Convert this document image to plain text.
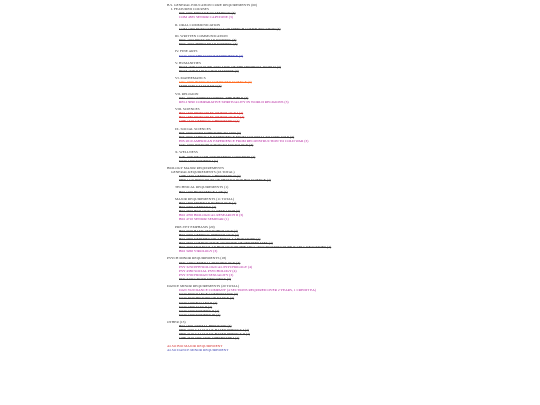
B.S. GENERAL EDUCATION CORE REQUIREMENTS (60)
I. FEATURED COURSES
INT 1005 FIRST YEAR SEMINAR (3)
COM 4835 SENIOR CAPSTONE (3)
II. ORAL COMMUNICATION
COM 1000 FUNDAMENTALS OF SPEECH COMMUNICATION (3)
III. WRITTEN COMMUNICATION
ENG 1010 FIRST YEAR WRITING (3)
ENG 2010 THIRD YEAR WRITING (3)
IV. FINE ARTS
DAN 1050 THE DANCE EXPERIENCE (3)
V. HUMANITIES
HUM 1600 CULTURE AND ARTS OF THE MEDIEVAL WORLD (3)
HUM 1500 EARLY CIVILIZATIONS (3)
VI. MATHEMATICS
CSC 1600 INTRO TO COMPUTER SCIENCE (3)
MTH 1030 CALCULUS I (4)
VII. RELIGION
REL 1000 UNDERSTANDING THE BIBLE (3)
RELI 3090 COMPARATIVE SPIRITUALITY IN WORLD RELIGIONS (3)
VIII. SCIENCES
BIO 1570 PRINCIPLES OF BIOLOGY I (4)
BIO 1580 PRINCIPLES OF BIOLOGY II (4)
CHE 1510 GENERAL CHEMISTRY I (4)
IX. SOCIAL SCIENCES
HIS 1600 WORLD HISTORY TO 1500 (3)
HIS 2000 AMERICAN EXPERIENCE FROM COLONIAL TO CIVIL WAR (3)
HIS 2010 AMERICAN EXPERIENCE FROM RECONSTRUCTION TO COLD WAR (3)
SOC 1000 INTRODUCTION TO SOCIOLOGY (3)
X. WELLNESS
KIN 1000 HEALTH AND FITNESS CONCEPTS (2)
DAN 1400 MODERN I (1)
BIOLOGY MAJOR REQUIREMENTS
GENERAL REQUIREMENTS (16 TOTAL)
CHE 1520 GENERAL CHEMISTRY II (4)
PHY 1110 PRINCIPLES OF PHYSICS FOR BIO SCIENCE (4)
TECHNICAL REQUIREMENTS (1)
BIO 1100 BIOSCIENCE LAB (1)
MAJOR REQUIREMENTS (11 TOTAL)
BIO 1500 SEMINAR IN BIOLOGY (1)
BIO 3200 GENETICS (4)
BIO 3650 BIOLOGICAL RESEARCH (3)
BIO 4700 BIOLOGICAL RESEARCH II (3)
BIO 4710 SENIOR SEMINAR (1)
PRE-VET EMPHASIS (20)
BIO 3100 BASIC MICROBIOLOGY (4)
BIO 3400 GENERAL PHYSIOLOGY (4)
BIO 3300 VERTEBRATE ANIMAL LABORATORY (1)
BIO 3550 COMPARATIVE ANATOMY OF VERTEBRATES (4)
BIO 4010 MOLECULAR BIOLOGY OF THE CELL: MACRO STRUCTURE & CELL REACTIONS (4)
BIO 3260 VIROLOGY (3)
PSYCH MINOR REQUIREMENTS (18)
PSY 1400 GENERAL PSYCHOLOGY (3)
PSY 3230 PHYSIOLOGICAL PSYCHOLOGY (4)
PSY 4380 SOCIAL PSYCHOLOGY (4)
PSY 3700 HUMAN SEXUALITY (3)
PSY 3420 GROUP DYNAMICS (3)
DANCE MINOR REQUIREMENTS (20 TOTAL)
DAN 3520 DANCE COMPANY (4 SECTIONS REQUIRED OVER 2 YEARS, 1 CREDIT EA)
DAN 3000 DANCE COMPOSITION (3)
DAN 3030 HISTORY OF DANCE (3)
DAN 2100 BALLET II (2)
DAN 2300 JAZZ II (2)
DAN 2200 MODERN II (2)
DAN 2400 MODERN III (2)
OTHER (13)
BIO 1500 ANIMAL BEHAVIOR (3)
PHY 2100 CALCULUS-BASED PHYSICS I (4)
PHY 2110 CALCULUS-BASED PHYSICS II (4)
CHE 2510 ORGANIC CHEMISTRY I (4)
ALSO BIO MAJOR REQUIREMENT
ALSO DANCE MINOR REQUIREMENT
